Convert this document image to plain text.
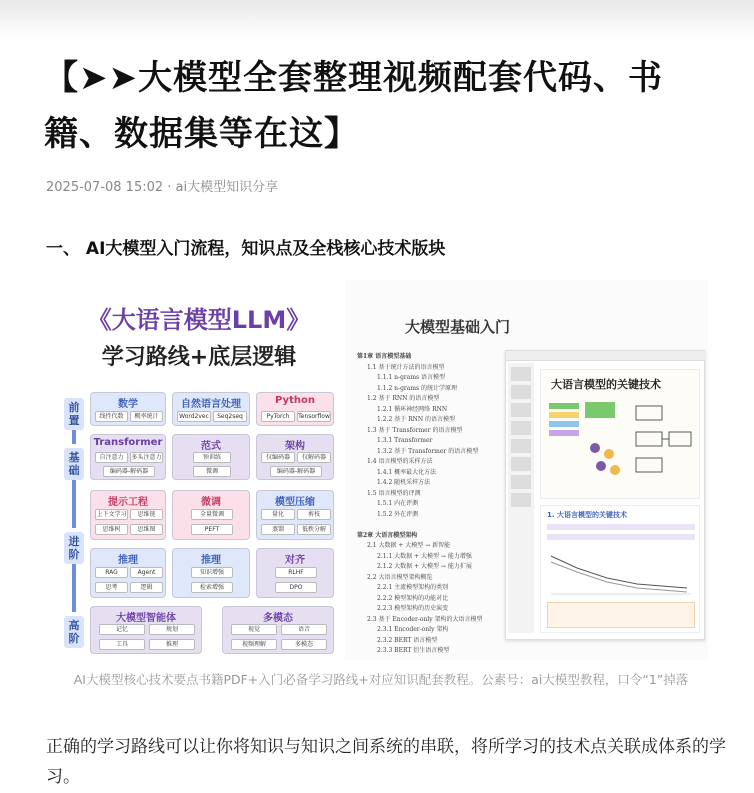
【➤➤大模型全套整理视频配套代码、书籍、数据集等在这】
2025-07-08 15:02 · ai大模型知识分享
一、 AI大模型入门流程，知识点及全栈核心技术版块
《大语言模型LLM》
学习路线+底层逻辑
前置
基础
进阶
高阶
数学
线性代数	概率统计
自然语言处理
Word2vec	Seq2seq
Python
PyTorch	Tensorflow
Transformer
自注意力	多头注意力
编码器-解码器
范式
预训练
微调
架构
仅编码器	仅解码器
编码器-解码器
提示工程
上下文学习	思维链
思维树	思维图
微调
全量微调
PEFT
模型压缩
量化	剪枝
蒸馏	低秩分解
推理
RAG	Agent
思考	逻辑
推理
知识增强
检索增强
对齐
RLHF
DPO
大模型智能体
记忆	规划
工具	推理
多模态
视觉	语音
视频理解	多模态
大模型基础入门
第1章 语言模型基础
1.1 基于统计方法的语言模型
1.1.1 n-grams 语言模型
1.1.2 n-grams 的统计学原理
1.2 基于 RNN 的语言模型
1.2.1 循环神经网络 RNN
1.2.2 基于 RNN 的语言模型
1.3 基于 Transformer 的语言模型
1.3.1 Transformer
1.3.2 基于 Transformer 的语言模型
1.4 语言模型的采样方法
1.4.1 概率最大化方法
1.4.2 随机采样方法
1.5 语言模型的评测
1.5.1 内在评测
1.5.2 外在评测
第2章 大语言模型架构
2.1 大数据 + 大模型 → 新智能
2.1.1 大数据 + 大模型 → 能力增强
2.1.2 大数据 + 大模型 → 能力扩展
2.2 大语言模型架构概览
2.2.1 主流模型架构的类别
2.2.2 模型架构的功能对比
2.2.3 模型架构的历史演变
2.3 基于 Encoder-only 架构的大语言模型
2.3.1 Encoder-only 架构
2.3.2 BERT 语言模型
2.3.3 BERT 衍生语言模型
大语言模型的关键技术
1. 大语言模型的关键技术
AI大模型核心技术要点书籍PDF+入门必备学习路线+对应知识配套教程。公素号：ai大模型教程，口令“1”掉落
正确的学习路线可以让你将知识与知识之间系统的串联，将所学习的技术点关联成体系的学习。
